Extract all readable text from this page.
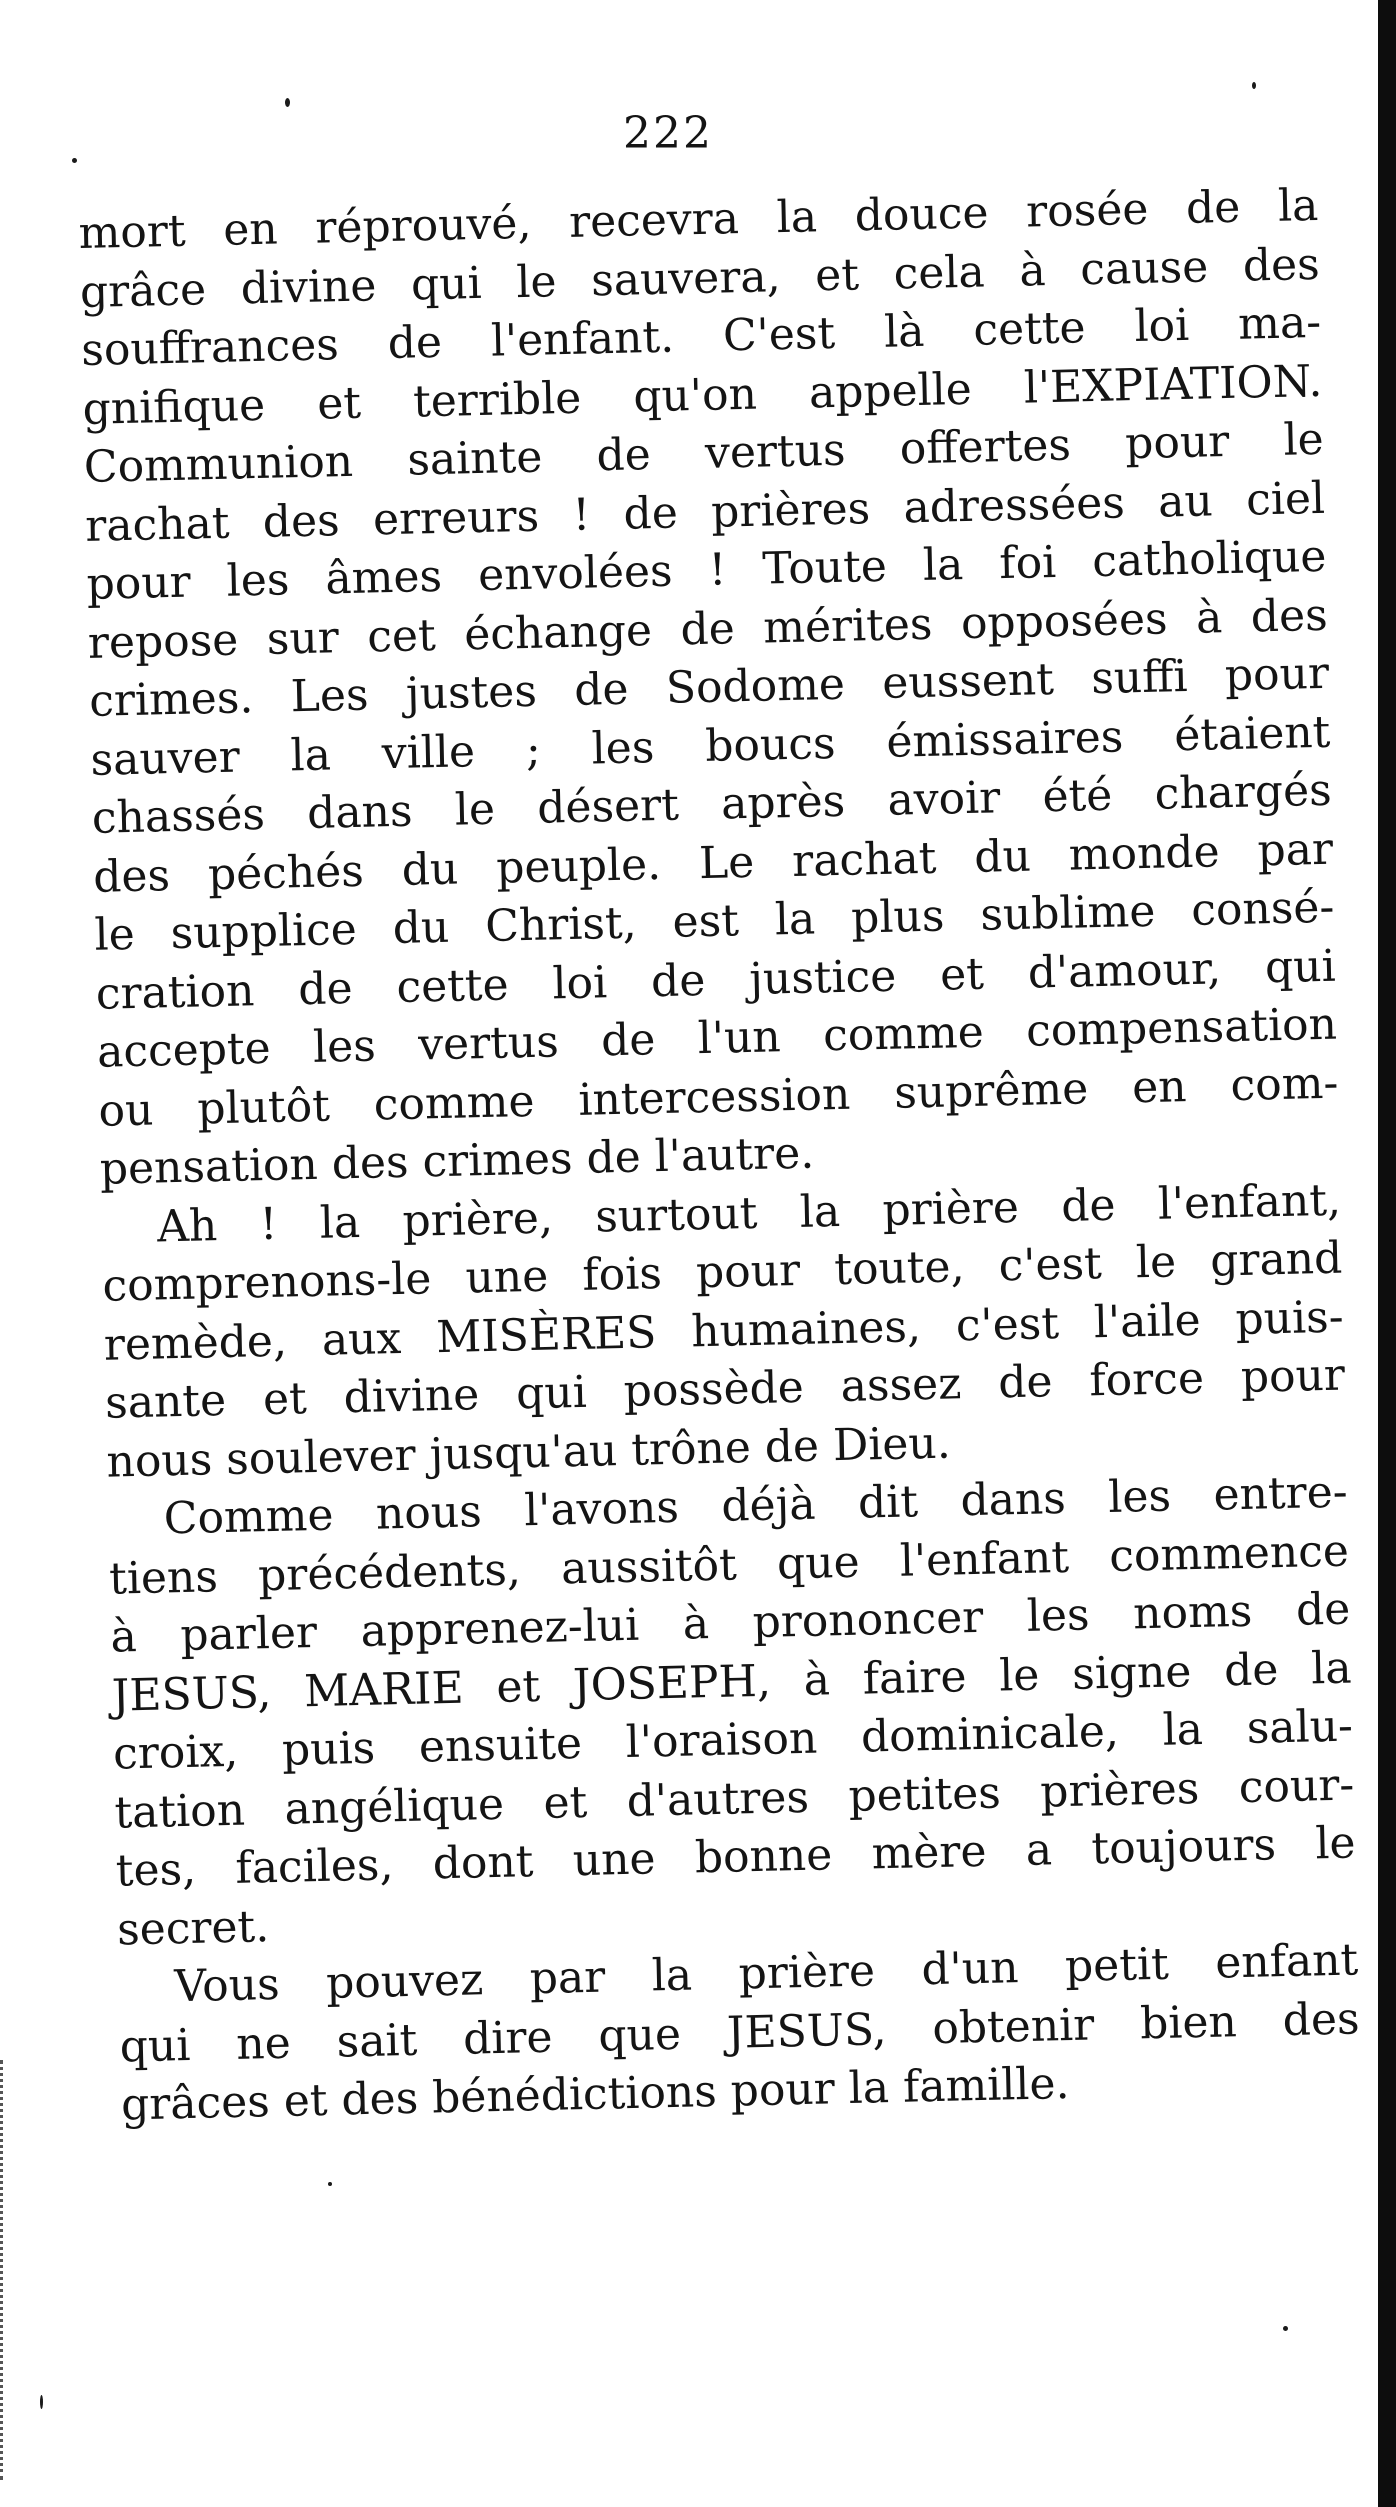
222
mort en réprouvé, recevra la douce rosée de la
grâce divine qui le sauvera, et cela à cause des
souffrances de l'enfant. C'est là cette loi ma-
gnifique et terrible qu'on appelle l'EXPIATION.
Communion sainte de vertus offertes pour le
rachat des erreurs ! de prières adressées au ciel
pour les âmes envolées ! Toute la foi catholique
repose sur cet échange de mérites opposées à des
crimes. Les justes de Sodome eussent suffi pour
sauver la ville ; les boucs émissaires étaient
chassés dans le désert après avoir été chargés
des péchés du peuple. Le rachat du monde par
le supplice du Christ, est la plus sublime consé-
cration de cette loi de justice et d'amour, qui
accepte les vertus de l'un comme compensation
ou plutôt comme intercession suprême en com-
pensation des crimes de l'autre.
Ah ! la prière, surtout la prière de l'enfant,
comprenons-le une fois pour toute, c'est le grand
remède, aux MISÈRES humaines, c'est l'aile puis-
sante et divine qui possède assez de force pour
nous soulever jusqu'au trône de Dieu.
Comme nous l'avons déjà dit dans les entre-
tiens précédents, aussitôt que l'enfant commence
à parler apprenez-lui à prononcer les noms de
JESUS, MARIE et JOSEPH, à faire le signe de la
croix, puis ensuite l'oraison dominicale, la salu-
tation angélique et d'autres petites prières cour-
tes, faciles, dont une bonne mère a toujours le
secret.
Vous pouvez par la prière d'un petit enfant
qui ne sait dire que JESUS, obtenir bien des
grâces et des bénédictions pour la famille.
